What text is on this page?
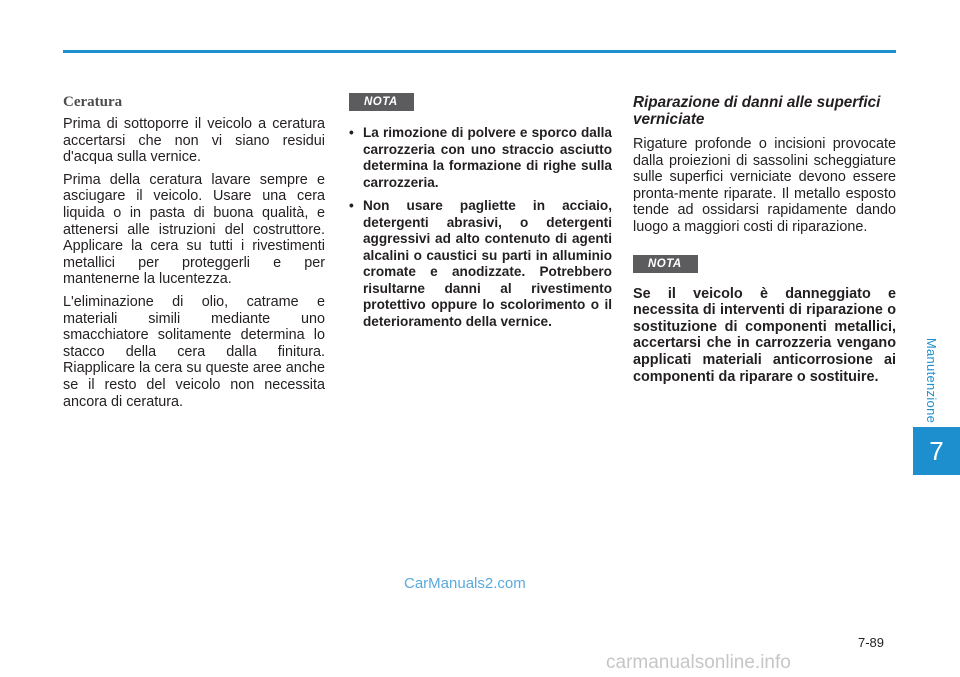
Manutenzione
7
Ceratura

Prima di sottoporre il veicolo a ceratura accertarsi che non vi siano residui d'acqua sulla vernice.

Prima della ceratura lavare sempre e asciugare il veicolo. Usare una cera liquida o in pasta di buona qualità, e attenersi alle istruzioni del costruttore. Applicare la cera su tutti i rivestimenti metallici per proteggerli e per mantenerne la lucentezza.

L'eliminazione di olio, catrame e materiali simili mediante uno smacchiatore solitamente determina lo stacco della cera dalla finitura. Riapplicare la cera su queste aree anche se il resto del veicolo non necessita ancora di ceratura.

NOTA
• La rimozione di polvere e sporco dalla carrozzeria con uno straccio asciutto determina la formazione di righe sulla carrozzeria.
• Non usare pagliette in acciaio, detergenti abrasivi, o detergenti aggressivi ad alto contenuto di agenti alcalini o caustici su parti in alluminio cromate e anodizzate. Potrebbero risultarne danni al rivestimento protettivo oppure lo scolorimento o il deterioramento della vernice.
Riparazione di danni alle superfici verniciate

Rigature profonde o incisioni provocate dalla proiezioni di sassolini scheggiature sulle superfici verniciate devono essere pronta-mente riparate. Il metallo esposto tende ad ossidarsi rapidamente dando luogo a maggiori costi di riparazione.

NOTA

Se il veicolo è danneggiato e necessita di interventi di riparazione o sostituzione di componenti metallici, accertarsi che in carrozzeria vengano applicati materiali anticorrosione ai componenti da riparare o sostituire.

CarManuals2.com
7-89
carmanualsonline.info
